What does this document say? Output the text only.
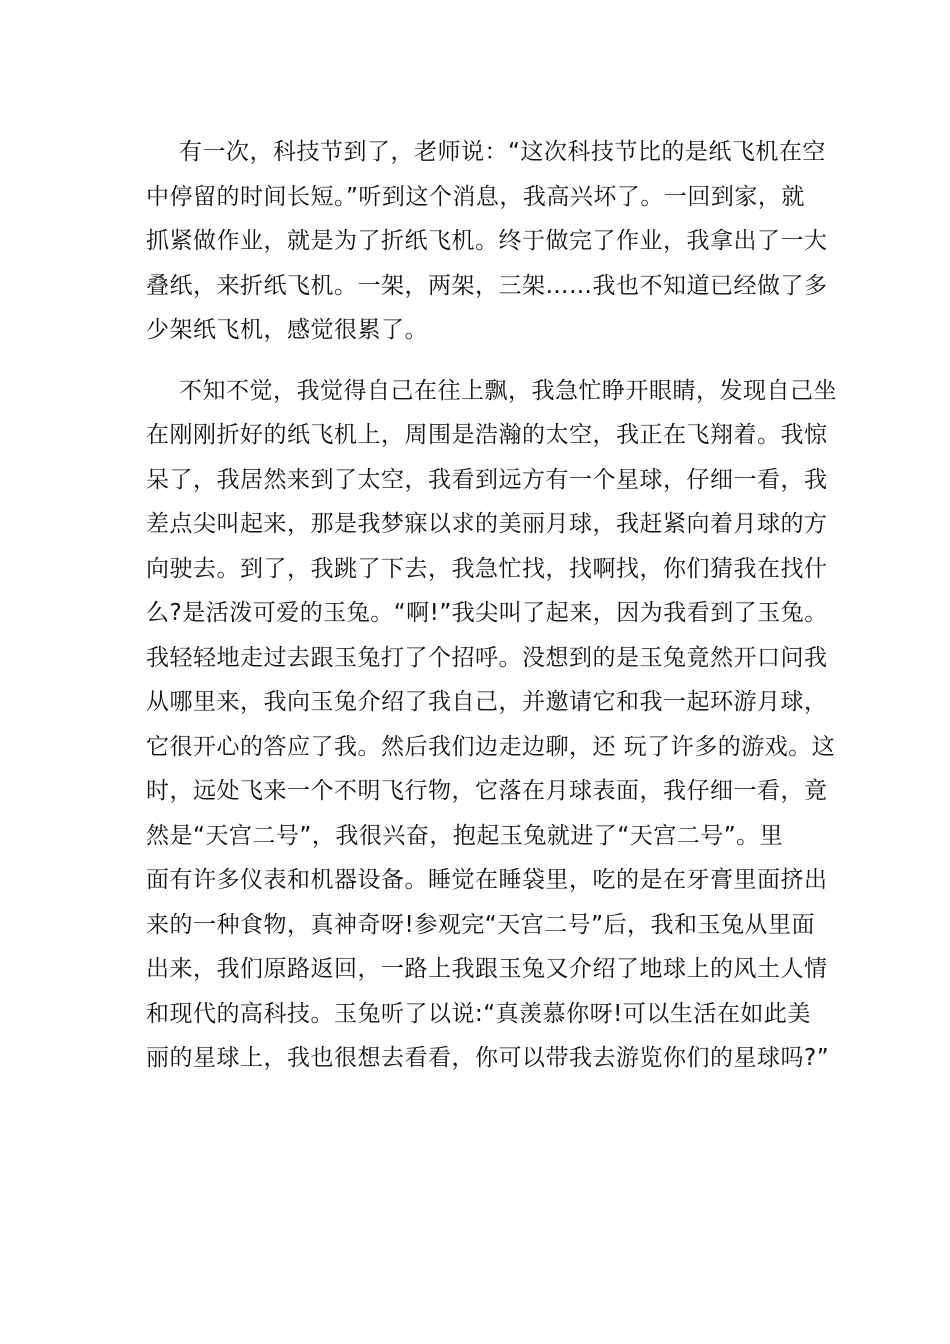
有一次，科技节到了，老师说：“这次科技节比的是纸飞机在空
中停留的时间长短。”听到这个消息，我高兴坏了。一回到家，就
抓紧做作业，就是为了折纸飞机。终于做完了作业，我拿出了一大
叠纸，来折纸飞机。一架，两架，三架……我也不知道已经做了多
少架纸飞机，感觉很累了。
不知不觉，我觉得自己在往上飘，我急忙睁开眼睛，发现自己坐
在刚刚折好的纸飞机上，周围是浩瀚的太空，我正在飞翔着。我惊
呆了，我居然来到了太空，我看到远方有一个星球，仔细一看，我
差点尖叫起来，那是我梦寐以求的美丽月球，我赶紧向着月球的方
向驶去。到了，我跳了下去，我急忙找，找啊找，你们猜我在找什
么?是活泼可爱的玉兔。“啊!”我尖叫了起来，因为我看到了玉兔。
我轻轻地走过去跟玉兔打了个招呼。没想到的是玉兔竟然开口问我
从哪里来，我向玉兔介绍了我自己，并邀请它和我一起环游月球，
它很开心的答应了我。然后我们边走边聊，还 玩了许多的游戏。这
时，远处飞来一个不明飞行物，它落在月球表面，我仔细一看，竟
然是“天宫二号”，我很兴奋，抱起玉兔就进了“天宫二号”。里
面有许多仪表和机器设备。睡觉在睡袋里，吃的是在牙膏里面挤出
来的一种食物，真神奇呀!参观完“天宫二号”后，我和玉兔从里面
出来，我们原路返回，一路上我跟玉兔又介绍了地球上的风土人情
和现代的高科技。玉兔听了以说:“真羡慕你呀!可以生活在如此美
丽的星球上，我也很想去看看，你可以带我去游览你们的星球吗?”
